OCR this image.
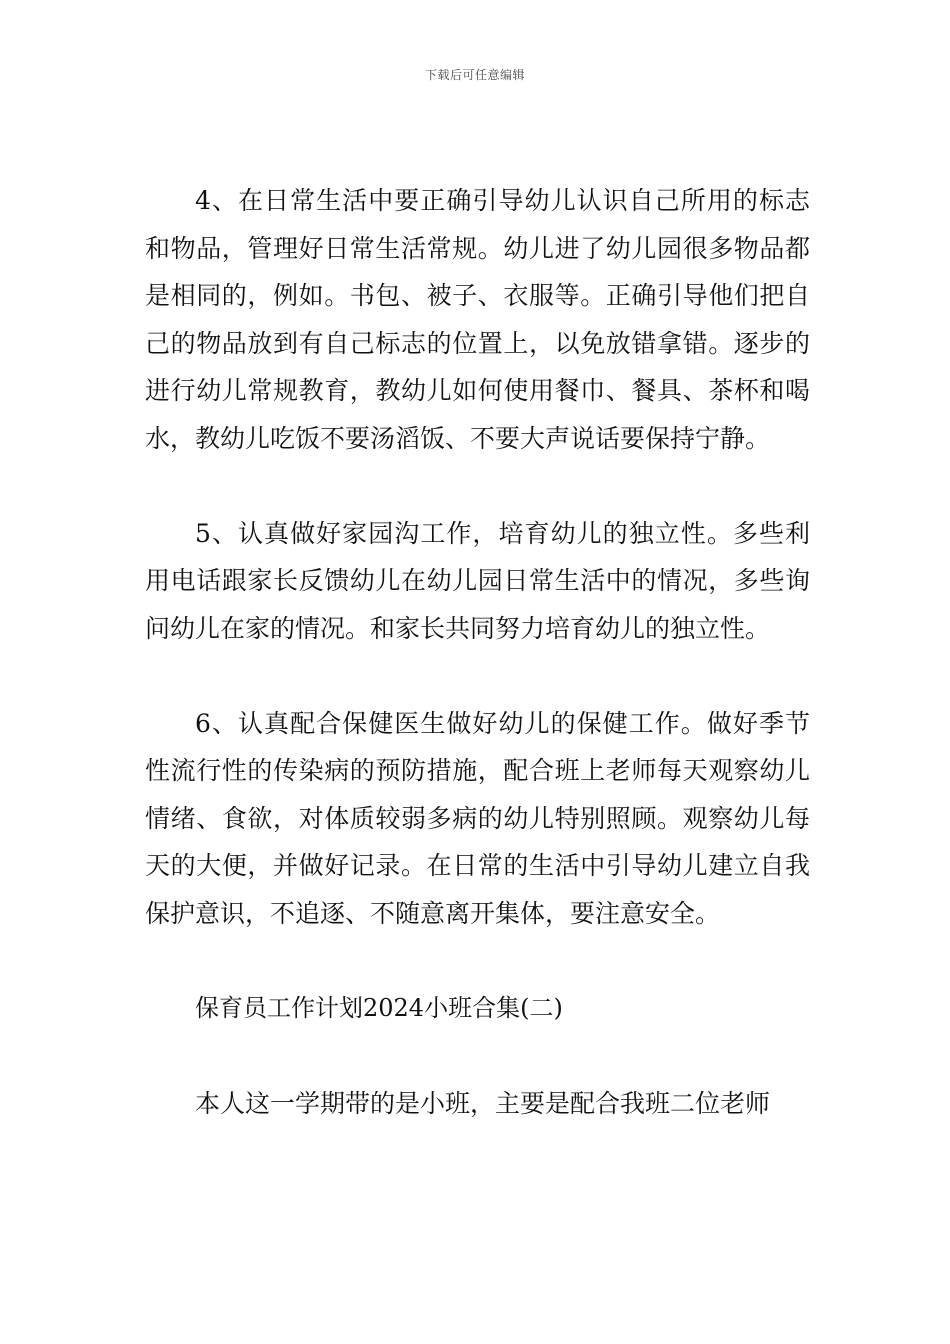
下载后可任意编辑

4、在日常生活中要正确引导幼儿认识自己所用的标志和物品，管理好日常生活常规。幼儿进了幼儿园很多物品都是相同的，例如。书包、被子、衣服等。正确引导他们把自己的物品放到有自己标志的位置上，以免放错拿错。逐步的进行幼儿常规教育，教幼儿如何使用餐巾、餐具、茶杯和喝水，教幼儿吃饭不要汤滔饭、不要大声说话要保持宁静。

5、认真做好家园沟工作，培育幼儿的独立性。多些利用电话跟家长反馈幼儿在幼儿园日常生活中的情况，多些询问幼儿在家的情况。和家长共同努力培育幼儿的独立性。

6、认真配合保健医生做好幼儿的保健工作。做好季节性流行性的传染病的预防措施，配合班上老师每天观察幼儿情绪、食欲，对体质较弱多病的幼儿特别照顾。观察幼儿每天的大便，并做好记录。在日常的生活中引导幼儿建立自我保护意识，不追逐、不随意离开集体，要注意安全。

保育员工作计划2024小班合集(二)

本人这一学期带的是小班，主要是配合我班二位老师
